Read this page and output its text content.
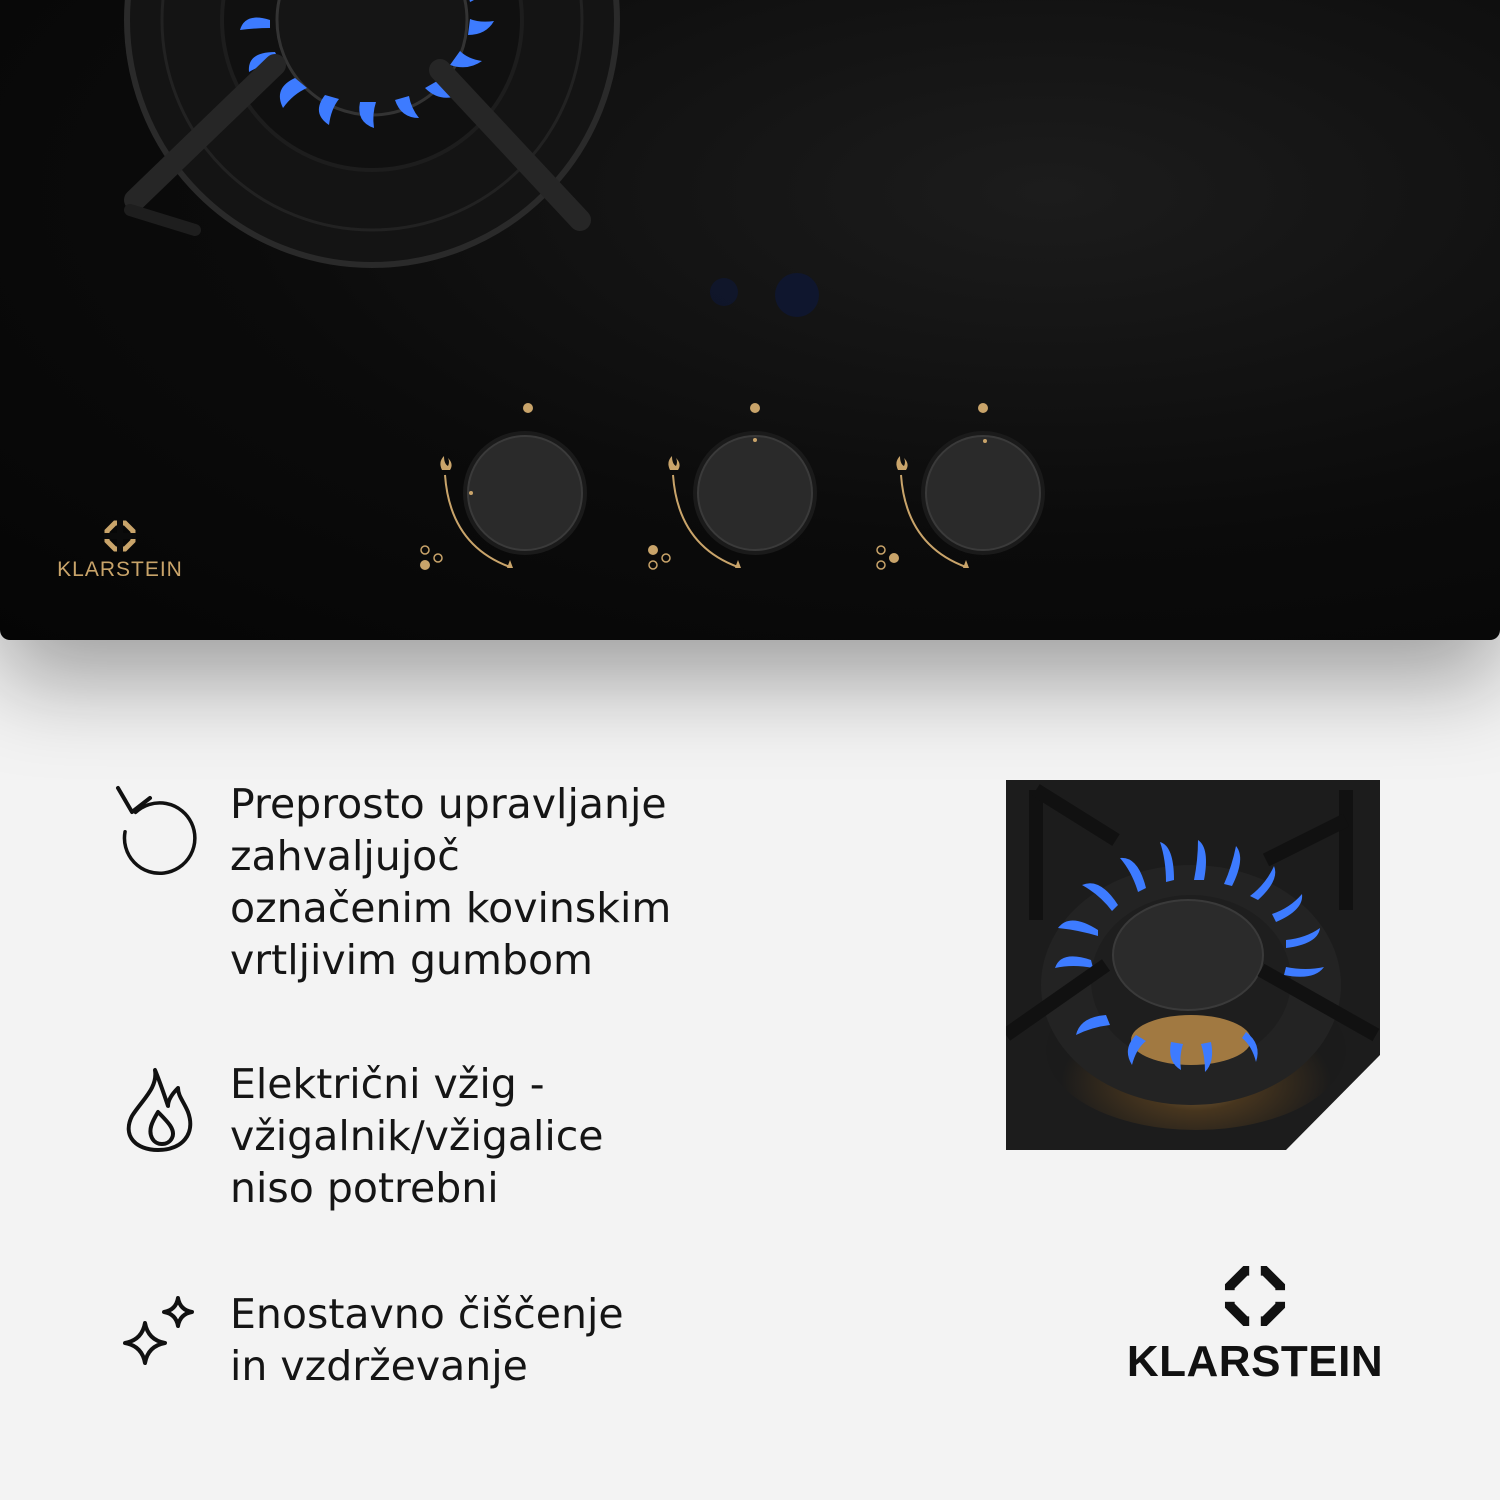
KLARSTEIN
Preprosto upravljanje
zahvaljujoč
označenim kovinskim
vrtljivim gumbom
Električni vžig -
vžigalnik/vžigalice
niso potrebni
Enostavno čiščenje
in vzdrževanje	KLARSTEIN
